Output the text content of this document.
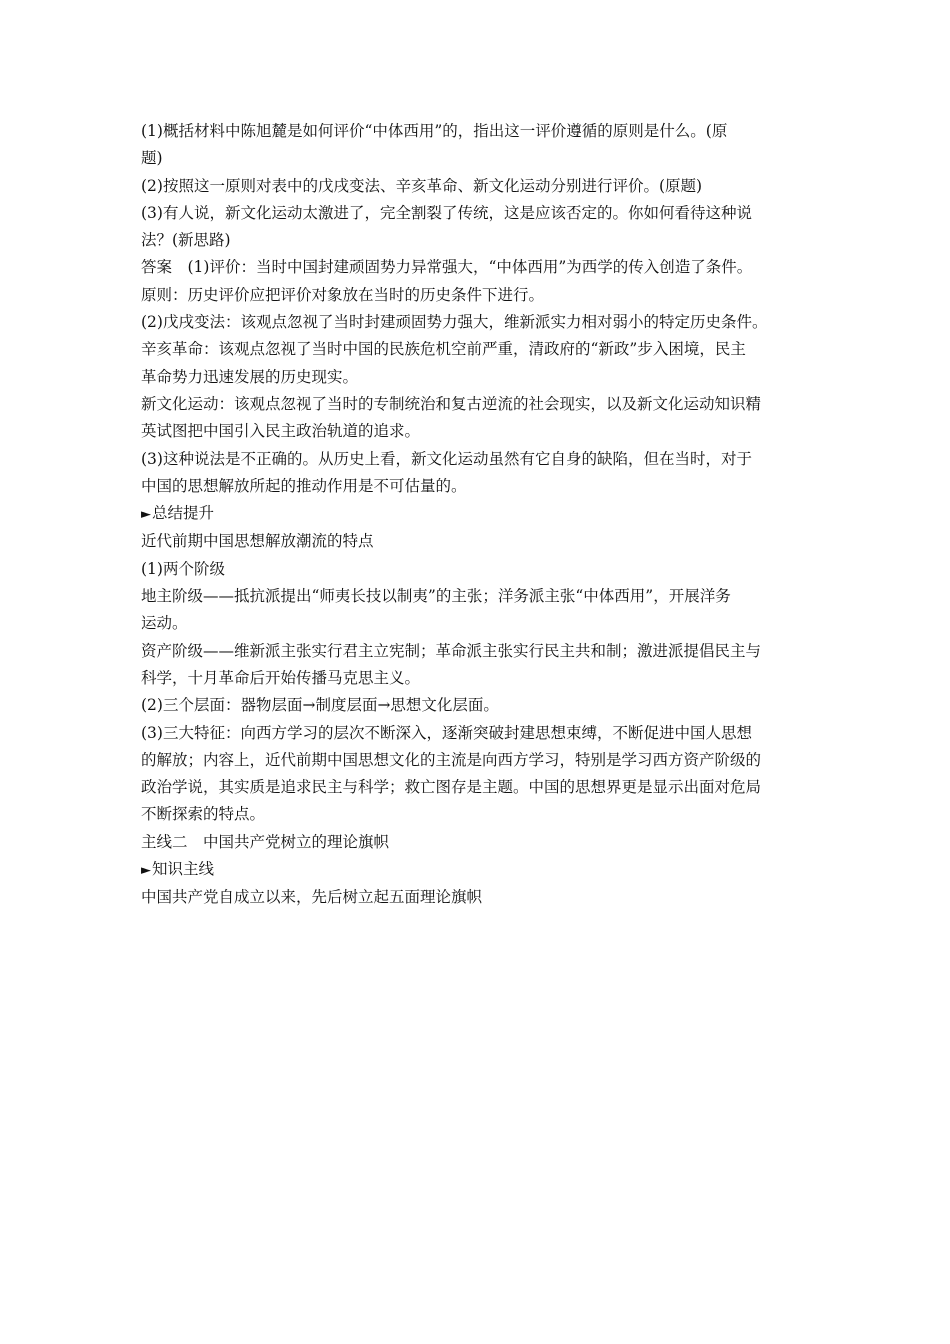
(1)概括材料中陈旭麓是如何评价“中体西用”的，指出这一评价遵循的原则是什么。(原
题)
(2)按照这一原则对表中的戊戌变法、辛亥革命、新文化运动分别进行评价。(原题)
(3)有人说，新文化运动太激进了，完全割裂了传统，这是应该否定的。你如何看待这种说
法？(新思路)
答案　(1)评价：当时中国封建顽固势力异常强大，“中体西用”为西学的传入创造了条件。
原则：历史评价应把评价对象放在当时的历史条件下进行。
(2)戊戌变法：该观点忽视了当时封建顽固势力强大，维新派实力相对弱小的特定历史条件。
辛亥革命：该观点忽视了当时中国的民族危机空前严重，清政府的“新政”步入困境，民主
革命势力迅速发展的历史现实。
新文化运动：该观点忽视了当时的专制统治和复古逆流的社会现实，以及新文化运动知识精
英试图把中国引入民主政治轨道的追求。
(3)这种说法是不正确的。从历史上看，新文化运动虽然有它自身的缺陷，但在当时，对于
中国的思想解放所起的推动作用是不可估量的。
►总结提升
近代前期中国思想解放潮流的特点
(1)两个阶级
地主阶级——抵抗派提出“师夷长技以制夷”的主张；洋务派主张“中体西用”，开展洋务
运动。
资产阶级——维新派主张实行君主立宪制；革命派主张实行民主共和制；激进派提倡民主与
科学，十月革命后开始传播马克思主义。
(2)三个层面：器物层面→制度层面→思想文化层面。
(3)三大特征：向西方学习的层次不断深入，逐渐突破封建思想束缚，不断促进中国人思想
的解放；内容上，近代前期中国思想文化的主流是向西方学习，特别是学习西方资产阶级的
政治学说，其实质是追求民主与科学；救亡图存是主题。中国的思想界更是显示出面对危局
不断探索的特点。
主线二　中国共产党树立的理论旗帜
►知识主线
中国共产党自成立以来，先后树立起五面理论旗帜
